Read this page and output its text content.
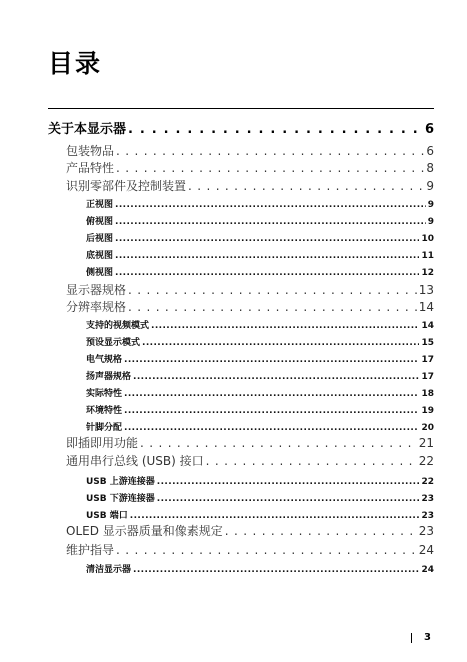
目录
关于本显示器 . . .	6
包装物品 . . .	6
产品特性 . . .	8
识别零部件及控制装置 . . .	9
正视图 .....	9
俯视图 .....	9
后视图 .....	10
底视图 .....	11
侧视图 .....	12
显示器规格 . . .	13
分辨率规格 . . .	14
支持的视频模式 .....	14
预设显示模式 .....	15
电气规格 .....	17
扬声器规格 .....	17
实际特性 .....	18
环境特性 .....	19
针脚分配 .....	20
即插即用功能 . . .	21
通用串行总线 (USB) 接口 . . .	22
USB 上游连接器 .....	22
USB 下游连接器 .....	23
USB 端口 .....	23
OLED 显示器质量和像素规定 . . .	23
维护指导 . . .	24
清洁显示器 .....	24
3
